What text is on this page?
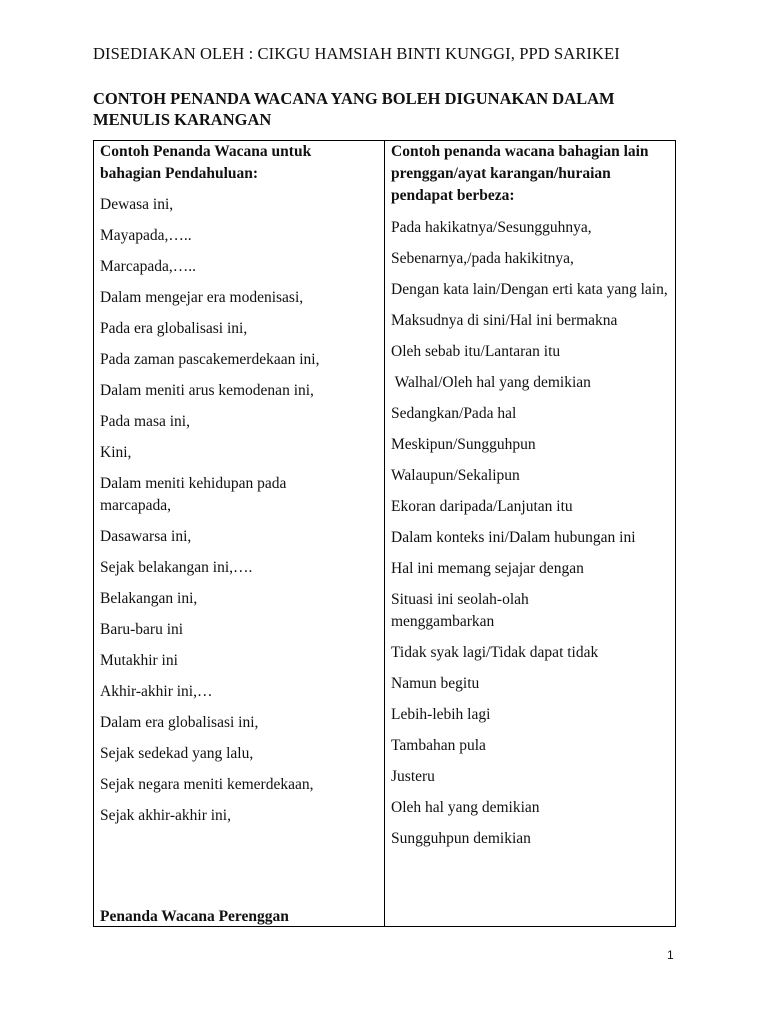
DISEDIAKAN OLEH : CIKGU HAMSIAH BINTI KUNGGI, PPD SARIKEI
CONTOH PENANDA WACANA YANG BOLEH DIGUNAKAN DALAM MENULIS KARANGAN
Contoh Penanda Wacana untuk bahagian Pendahuluan:

Dewasa ini,

Mayapada,…..

Marcapada,…..

Dalam mengejar era modenisasi,

Pada era globalisasi ini,

Pada zaman pascakemerdekaan ini,

Dalam meniti arus kemodenan ini,

Pada masa ini,

Kini,

Dalam meniti kehidupan pada marcapada,

Dasawarsa ini,

Sejak belakangan ini,….

Belakangan ini,

Baru-baru ini

Mutakhir ini

Akhir-akhir ini,…

Dalam era globalisasi ini,

Sejak sedekad yang lalu,

Sejak negara meniti kemerdekaan,

Sejak akhir-akhir ini,

Penanda Wacana Perenggan
Contoh penanda wacana bahagian lain prenggan/ayat karangan/huraian pendapat berbeza:

Pada hakikatnya/Sesungguhnya,

Sebenarnya,/pada hakikitnya,

Dengan kata lain/Dengan erti kata yang lain,

Maksudnya di sini/Hal ini bermakna

Oleh sebab itu/Lantaran itu

Walhal/Oleh hal yang demikian

Sedangkan/Pada hal

Meskipun/Sungguhpun

Walaupun/Sekalipun

Ekoran daripada/Lanjutan itu

Dalam konteks ini/Dalam hubungan ini

Hal ini memang sejajar dengan

Situasi ini seolah-olah menggambarkan

Tidak syak lagi/Tidak dapat tidak

Namun begitu

Lebih-lebih lagi

Tambahan pula

Justeru

Oleh hal yang demikian

Sungguhpun demikian

1
